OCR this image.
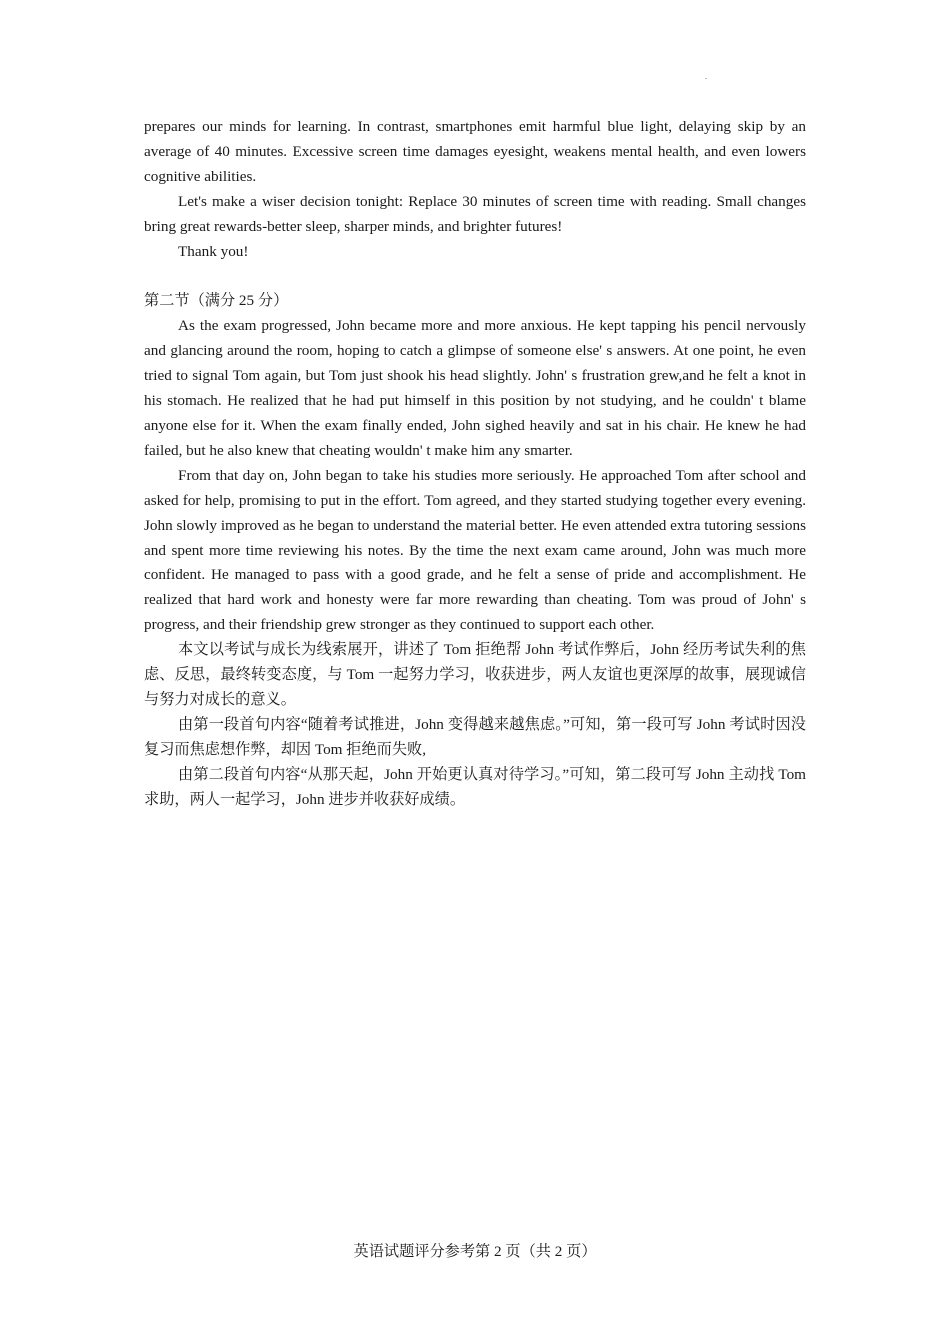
prepares our minds for learning. In contrast, smartphones emit harmful blue light, delaying skip by an average of 40 minutes. Excessive screen time damages eyesight, weakens mental health, and even lowers cognitive abilities.

Let's make a wiser decision tonight: Replace 30 minutes of screen time with reading. Small changes bring great rewards-better sleep, sharper minds, and brighter futures!

Thank you!

第二节（满分 25 分）

As the exam progressed, John became more and more anxious. He kept tapping his pencil nervously and glancing around the room, hoping to catch a glimpse of someone else' s answers. At one point, he even tried to signal Tom again, but Tom just shook his head slightly. John' s frustration grew,and he felt a knot in his stomach. He realized that he had put himself in this position by not studying, and he couldn' t blame anyone else for it. When the exam finally ended, John sighed heavily and sat in his chair. He knew he had failed, but he also knew that cheating wouldn' t make him any smarter.

From that day on, John began to take his studies more seriously. He approached Tom after school and asked for help, promising to put in the effort. Tom agreed, and they started studying together every evening. John slowly improved as he began to understand the material better. He even attended extra tutoring sessions and spent more time reviewing his notes. By the time the next exam came around, John was much more confident. He managed to pass with a good grade, and he felt a sense of pride and accomplishment. He realized that hard work and honesty were far more rewarding than cheating. Tom was proud of John' s progress, and their friendship grew stronger as they continued to support each other.

本文以考试与成长为线索展开，讲述了 Tom 拒绝帮 John 考试作弊后，John 经历考试失利的焦虑、反思，最终转变态度，与 Tom 一起努力学习，收获进步，两人友谊也更深厚的故事，展现诚信与努力对成长的意义。

由第一段首句内容“随着考试推进，John 变得越来越焦虑。”可知，第一段可写 John 考试时因没复习而焦虑想作弊，却因 Tom 拒绝而失败,

由第二段首句内容“从那天起，John 开始更认真对待学习。”可知，第二段可写 John 主动找 Tom 求助，两人一起学习，John 进步并收获好成绩。

英语试题评分参考第 2 页（共 2 页）
